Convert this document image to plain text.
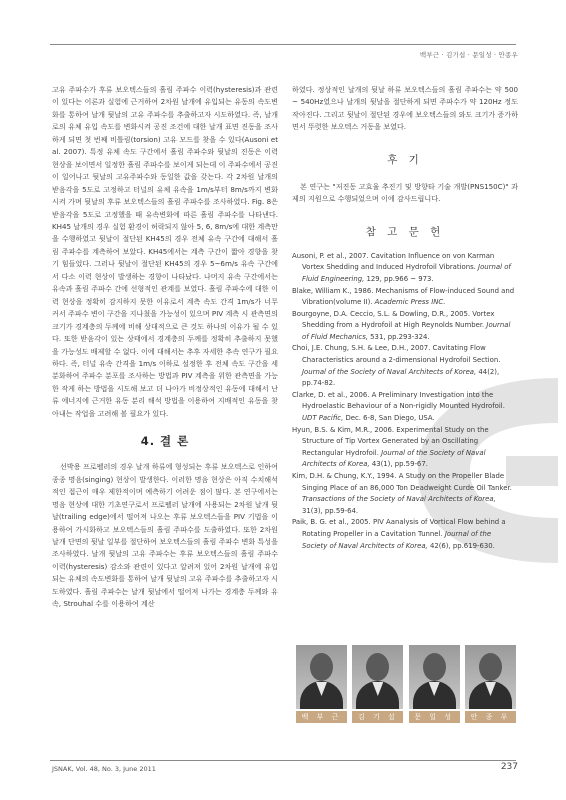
백부근 · 김기섭 · 문일성 · 안종우

고유 주파수가 후류 보오텍스들의 흘림 주파수 이력(hysteresis)과 관련이 있다는 이론과 실험에 근거하여 2차원 날개에 유입되는 유동의 속도변화를 통하여 날개 뒷날의 고유 주파수를 추출하고자 시도하였다. 즉, 날개로의 유체 유입 속도를 변화시켜 공진 조건에 대한 날개 표면 진동을 조사하게 되면 첫 번째 비틀림(torsion) 고유 모드를 찾을 수 있다(Ausoni et al. 2007). 특정 유체 속도 구간에서 흘림 주파수와 뒷날의 진동은 이력 현상을 보이면서 일정한 흘림 주파수를 보이게 되는데 이 주파수에서 공진이 일어나고 뒷날의 고유주파수와 동일한 값을 갖는다. 각 2차원 날개의 받음각을 5도로 고정하고 터널의 유체 유속을 1m/s부터 8m/s까지 변화시켜 가며 뒷날의 후류 보오텍스들의 흘림 주파수를 조사하였다. Fig. 8은 받음각을 5도로 고정했을 때 유속변화에 따른 흘림 주파수를 나타낸다. KH45 날개의 경우 실험 환경이 허락되지 않아 5, 6, 8m/s에 대한 계측만을 수행하였고 뒷날이 절단된 KH45의 경우 전체 유속 구간에 대해서 흘림 주파수를 계측하여 보았다. KH45에서는 계측 구간이 짧아 경향을 찾기 힘들었다. 그러나 뒷날이 절단된 KH45의 경우 5~6m/s 유속 구간에서 다소 이력 현상이 발생하는 경향이 나타났다. 나머지 유속 구간에서는 유속과 흘림 주파수 간에 선형적인 관계를 보였다. 흘림 주파수에 대한 이력 현상을 정확히 감지하지 못한 이유로서 계측 속도 간격 1m/s가 너무 커서 주파수 변이 구간을 지나쳤을 가능성이 있으며 PIV 계측 시 관측면의 크기가 경계층의 두께에 비해 상대적으로 큰 것도 하나의 이유가 될 수 있다. 또한 받음각이 있는 상태에서 경계층의 두께를 정확히 추출하지 못했을 가능성도 배제할 수 없다. 이에 대해서는 추후 자세한 추속 연구가 필요하다. 즉, 터널 유속 간격을 1m/s 이하로 설정한 후 전체 속도 구간을 세분화하여 주파수 분포를 조사하는 방법과 PIV 계측을 위한 관측면을 가능한 작게 하는 방법을 시도해 보고 더 나아가 비정상적인 유동에 대해서 난류 에너지에 근거한 유동 분리 해석 방법을 이용하여 지배적인 유동을 찾아내는 작업을 고려해 볼 필요가 있다.

4. 결 론

선박용 프로펠러의 경우 날개 하류에 형성되는 후류 보오텍스로 인하여 종종 명음(singing) 현상이 발생한다. 이러한 명음 현상은 아직 수치해석적인 접근이 매우 제한적이며 예측하기 어려운 점이 많다. 본 연구에서는 명음 현상에 대한 기초연구로서 프로펠러 날개에 사용되는 2차원 날개 뒷날(trailing edge)에서 떨어져 나오는 후류 보오텍스들을 PIV 기법을 이용하여 가시화하고 보오텍스들의 흘림 주파수를 도출하였다. 또한 2차원 날개 단면의 뒷날 일부를 절단하여 보오텍스들의 흘림 주파수 변화 특성을 조사하였다. 날개 뒷날의 고유 주파수는 후류 보오텍스들의 흘림 주파수 이력(hysteresis) 감소와 관련이 있다고 알려져 있어 2차원 날개에 유입되는 유체의 속도변화를 통하여 날개 뒷날의 고유 주파수를 추출하고자 시도하였다. 흘림 주파수는 날개 뒷날에서 떨어져 나가는 경계층 두께와 유속, Strouhal 수를 이용하여 계산

하였다. 정상적인 날개의 뒷날 하류 보오텍스들의 흘림 주파수는 약 500 ~ 540Hz였으나 날개의 뒷날을 절단하게 되면 주파수가 약 120Hz 정도 작아진다. 그리고 뒷날이 절단된 경우에 보오텍스들의 와도 크기가 증가하면서 뚜렷한 보오텍스 거동을 보였다.

후 기

본 연구는 "저진동 고효율 추진기 및 방향타 기술 개발(PNS150C)" 과제의 지원으로 수행되었으며 이에 감사드립니다.

참 고 문 헌
Ausoni, P. et al., 2007. Cavitation Influence on von Karman Vortex Shedding and Induced Hydrofoil Vibrations. Journal of Fluid Engineering, 129, pp.966 ~ 973.
Blake, William K., 1986. Mechanisms of Flow-induced Sound and Vibration(volume II). Academic Press INC.
Bourgoyne, D.A. Ceccio, S.L. & Dowling, D.R., 2005. Vortex Shedding from a Hydrofoil at High Reynolds Number. Journal of Fluid Mechanics, 531, pp.293-324.
Choi, J.E. Chung, S.H. & Lee, D.H., 2007. Cavitating Flow Characteristics around a 2-dimensional Hydrofoil Section. Journal of the Society of Naval Architects of Korea, 44(2), pp.74-82.
Clarke, D. et al., 2006. A Preliminary Investigation into the Hydroelastic Behaviour of a Non-rigidly Mounted Hydrofoil. UDT Pacific, Dec. 6-8, San Diego, USA.
Hyun, B.S. & Kim, M.R., 2006. Experimental Study on the Structure of Tip Vortex Generated by an Oscillating Rectangular Hydrofoil. Journal of the Society of Naval Architects of Korea, 43(1), pp.59-67.
Kim, D.H. & Chung, K.Y., 1994. A Study on the Propeller Blade Singing Place of an 86,000 Ton Deadweight Curde Oil Tanker. Transactions of the Society of Naval Architects of Korea, 31(3), pp.59-64.
Paik, B. G. et al., 2005. PIV Aanalysis of Vortical Flow behind a Rotating Propeller in a Cavitation Tunnel. Journal of the Society of Naval Architects of Korea, 42(6), pp.619-630.
백 부 근	김 기 섭	문 일 성	안 종 우
JSNAK, Vol. 48, No. 3, June 2011	237
